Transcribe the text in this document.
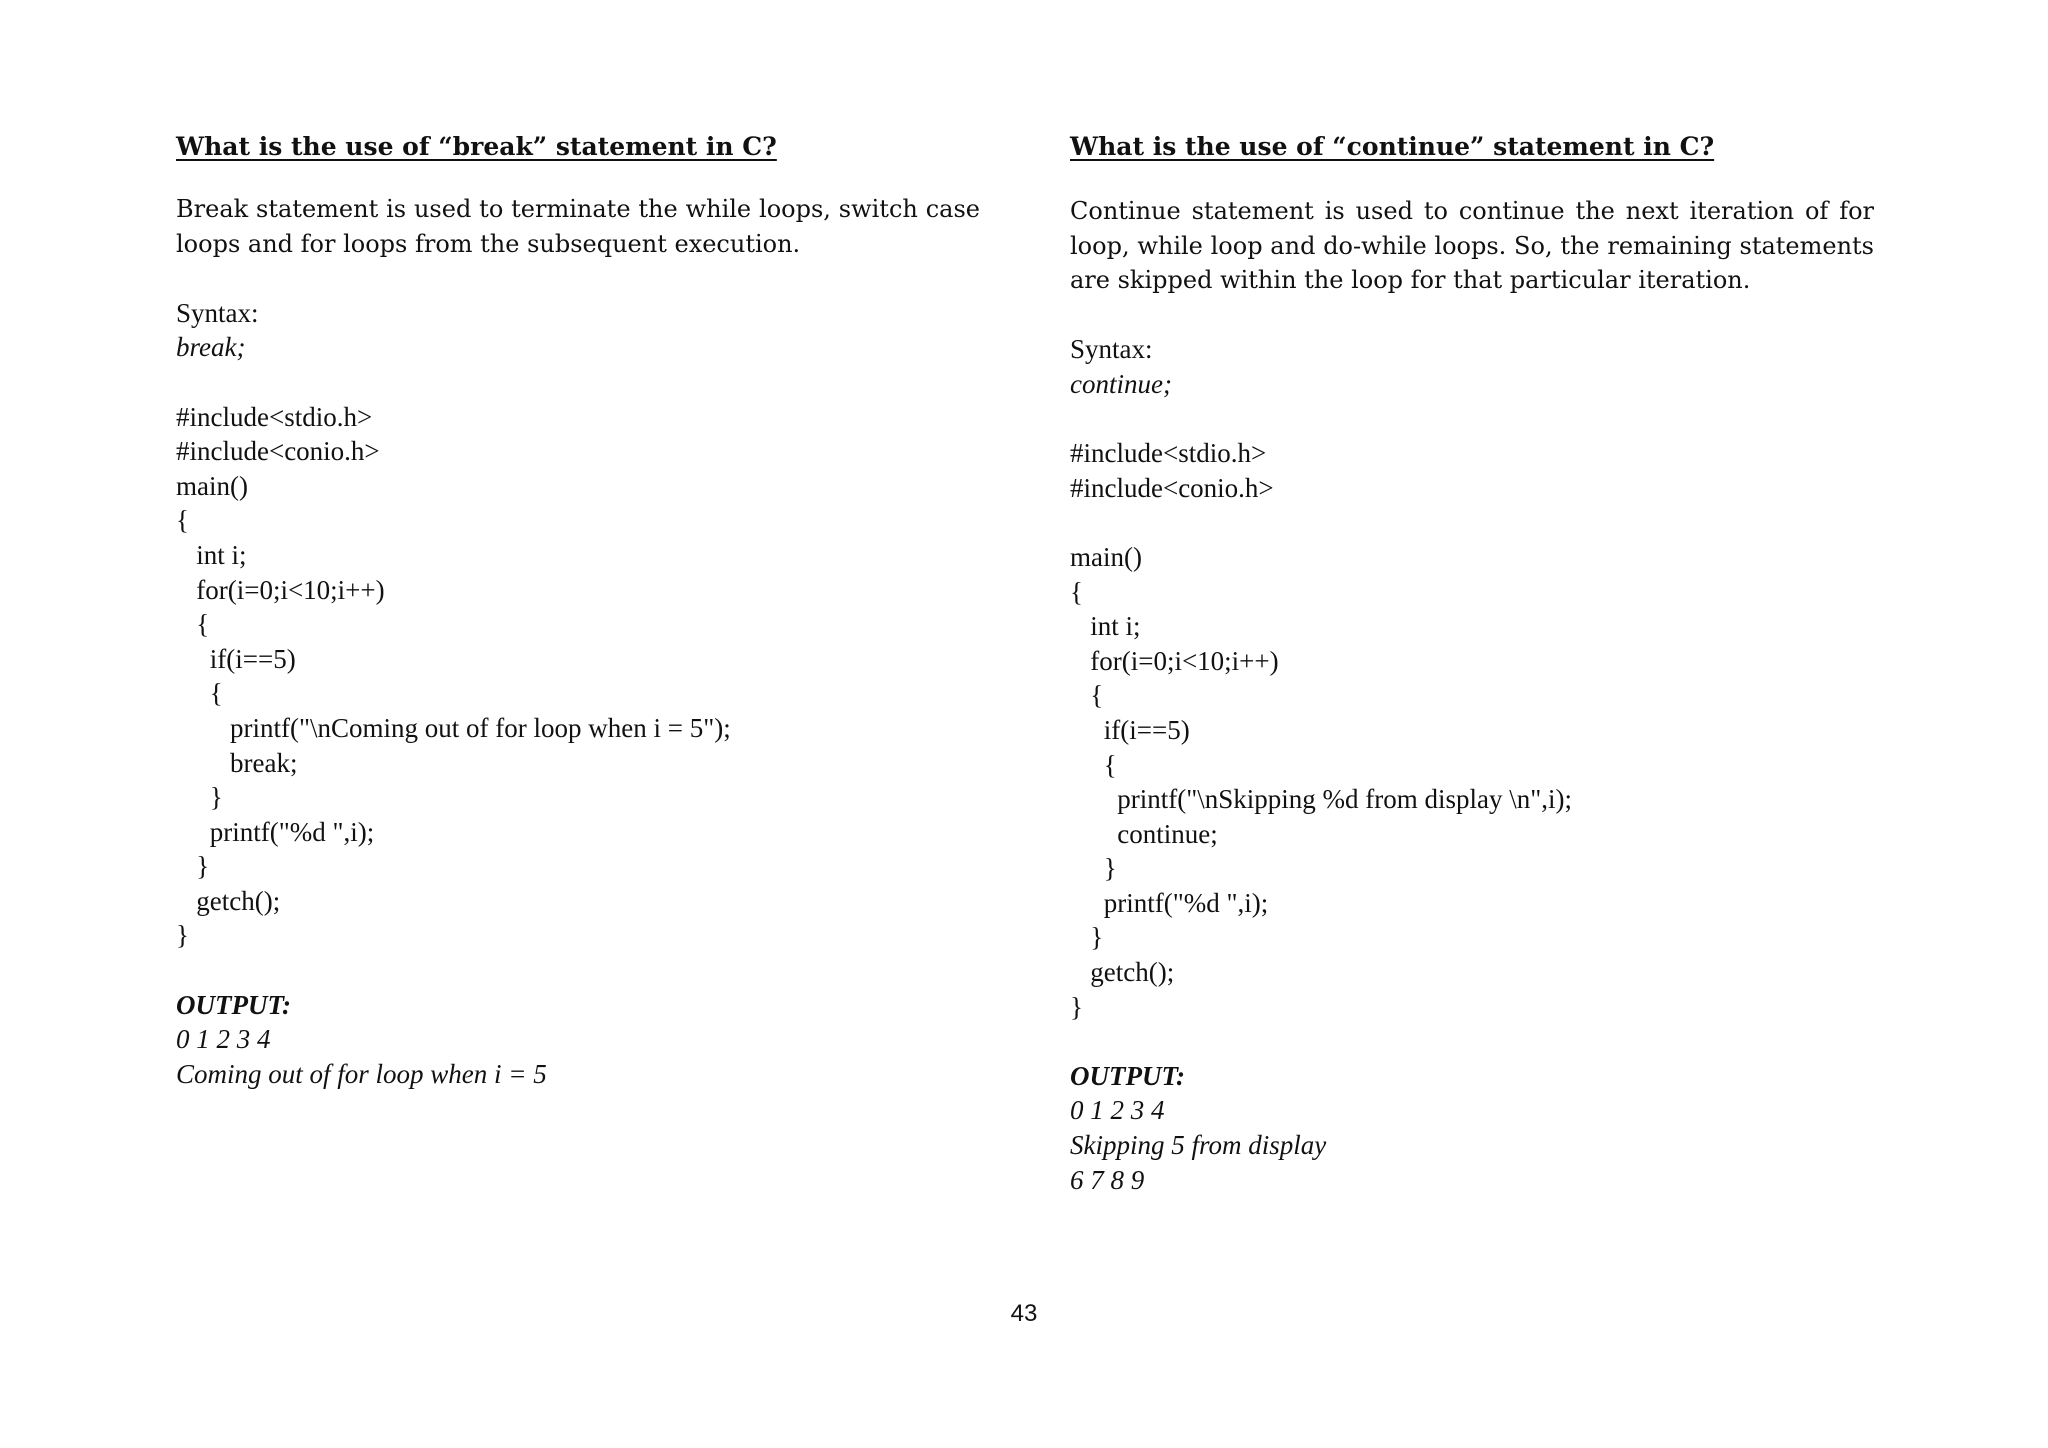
What is the use of “break” statement in C?

Break statement is used to terminate the while loops, switch case loops and for loops from the subsequent execution.

Syntax:

break;

#include<stdio.h>

#include<conio.h>

main()

{

int i;

for(i=0;i<10;i++)

{

if(i==5)

{

printf("\nComing out of for loop when i = 5");

break;

}

printf("%d ",i);

}

getch();

}

OUTPUT:

0 1 2 3 4

Coming out of for loop when i = 5

What is the use of “continue” statement in C?

Continue statement is used to continue the next iteration of for loop, while loop and do-while loops. So, the remaining statements are skipped within the loop for that particular iteration.

Syntax:

continue;

#include<stdio.h>

#include<conio.h>

main()

{

int i;

for(i=0;i<10;i++)

{

if(i==5)

{

printf("\nSkipping %d from display \n",i);

continue;

}

printf("%d ",i);

}

getch();

}

OUTPUT:

0 1 2 3 4

Skipping 5 from display

6 7 8 9

43
